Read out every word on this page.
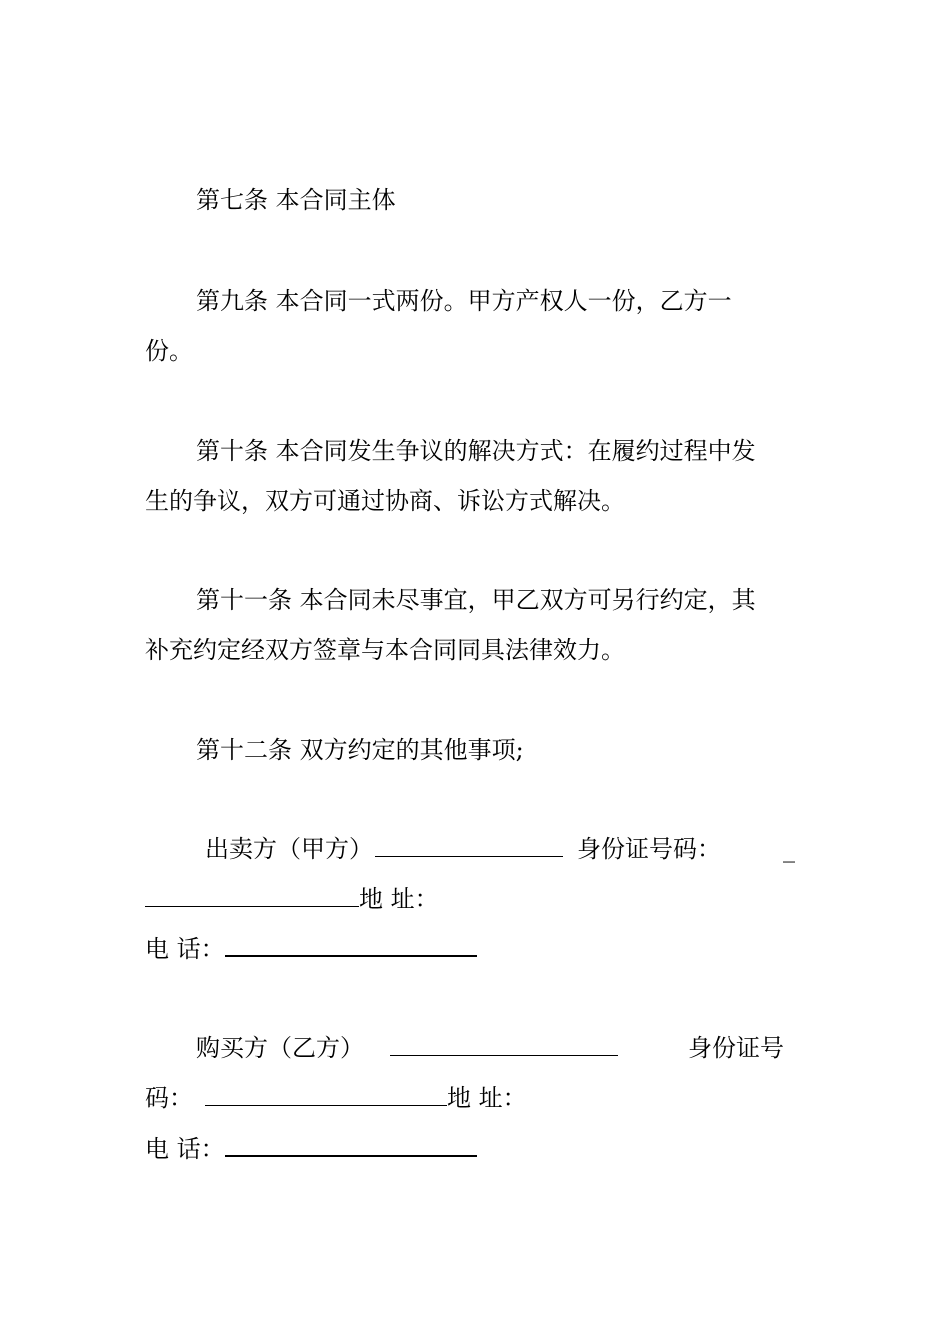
第七条 本合同主体
第九条 本合同一式两份。甲方产权人一份，乙方一
份。
第十条 本合同发生争议的解决方式：在履约过程中发
生的争议，双方可通过协商、诉讼方式解决。
第十一条 本合同未尽事宜，甲乙双方可另行约定，其
补充约定经双方签章与本合同同具法律效力。
第十二条 双方约定的其他事项;
出卖方（甲方）	身份证号码：	_
地 址：
电 话：
购买方（乙方）	身份证号
码：	地 址：
电 话：
